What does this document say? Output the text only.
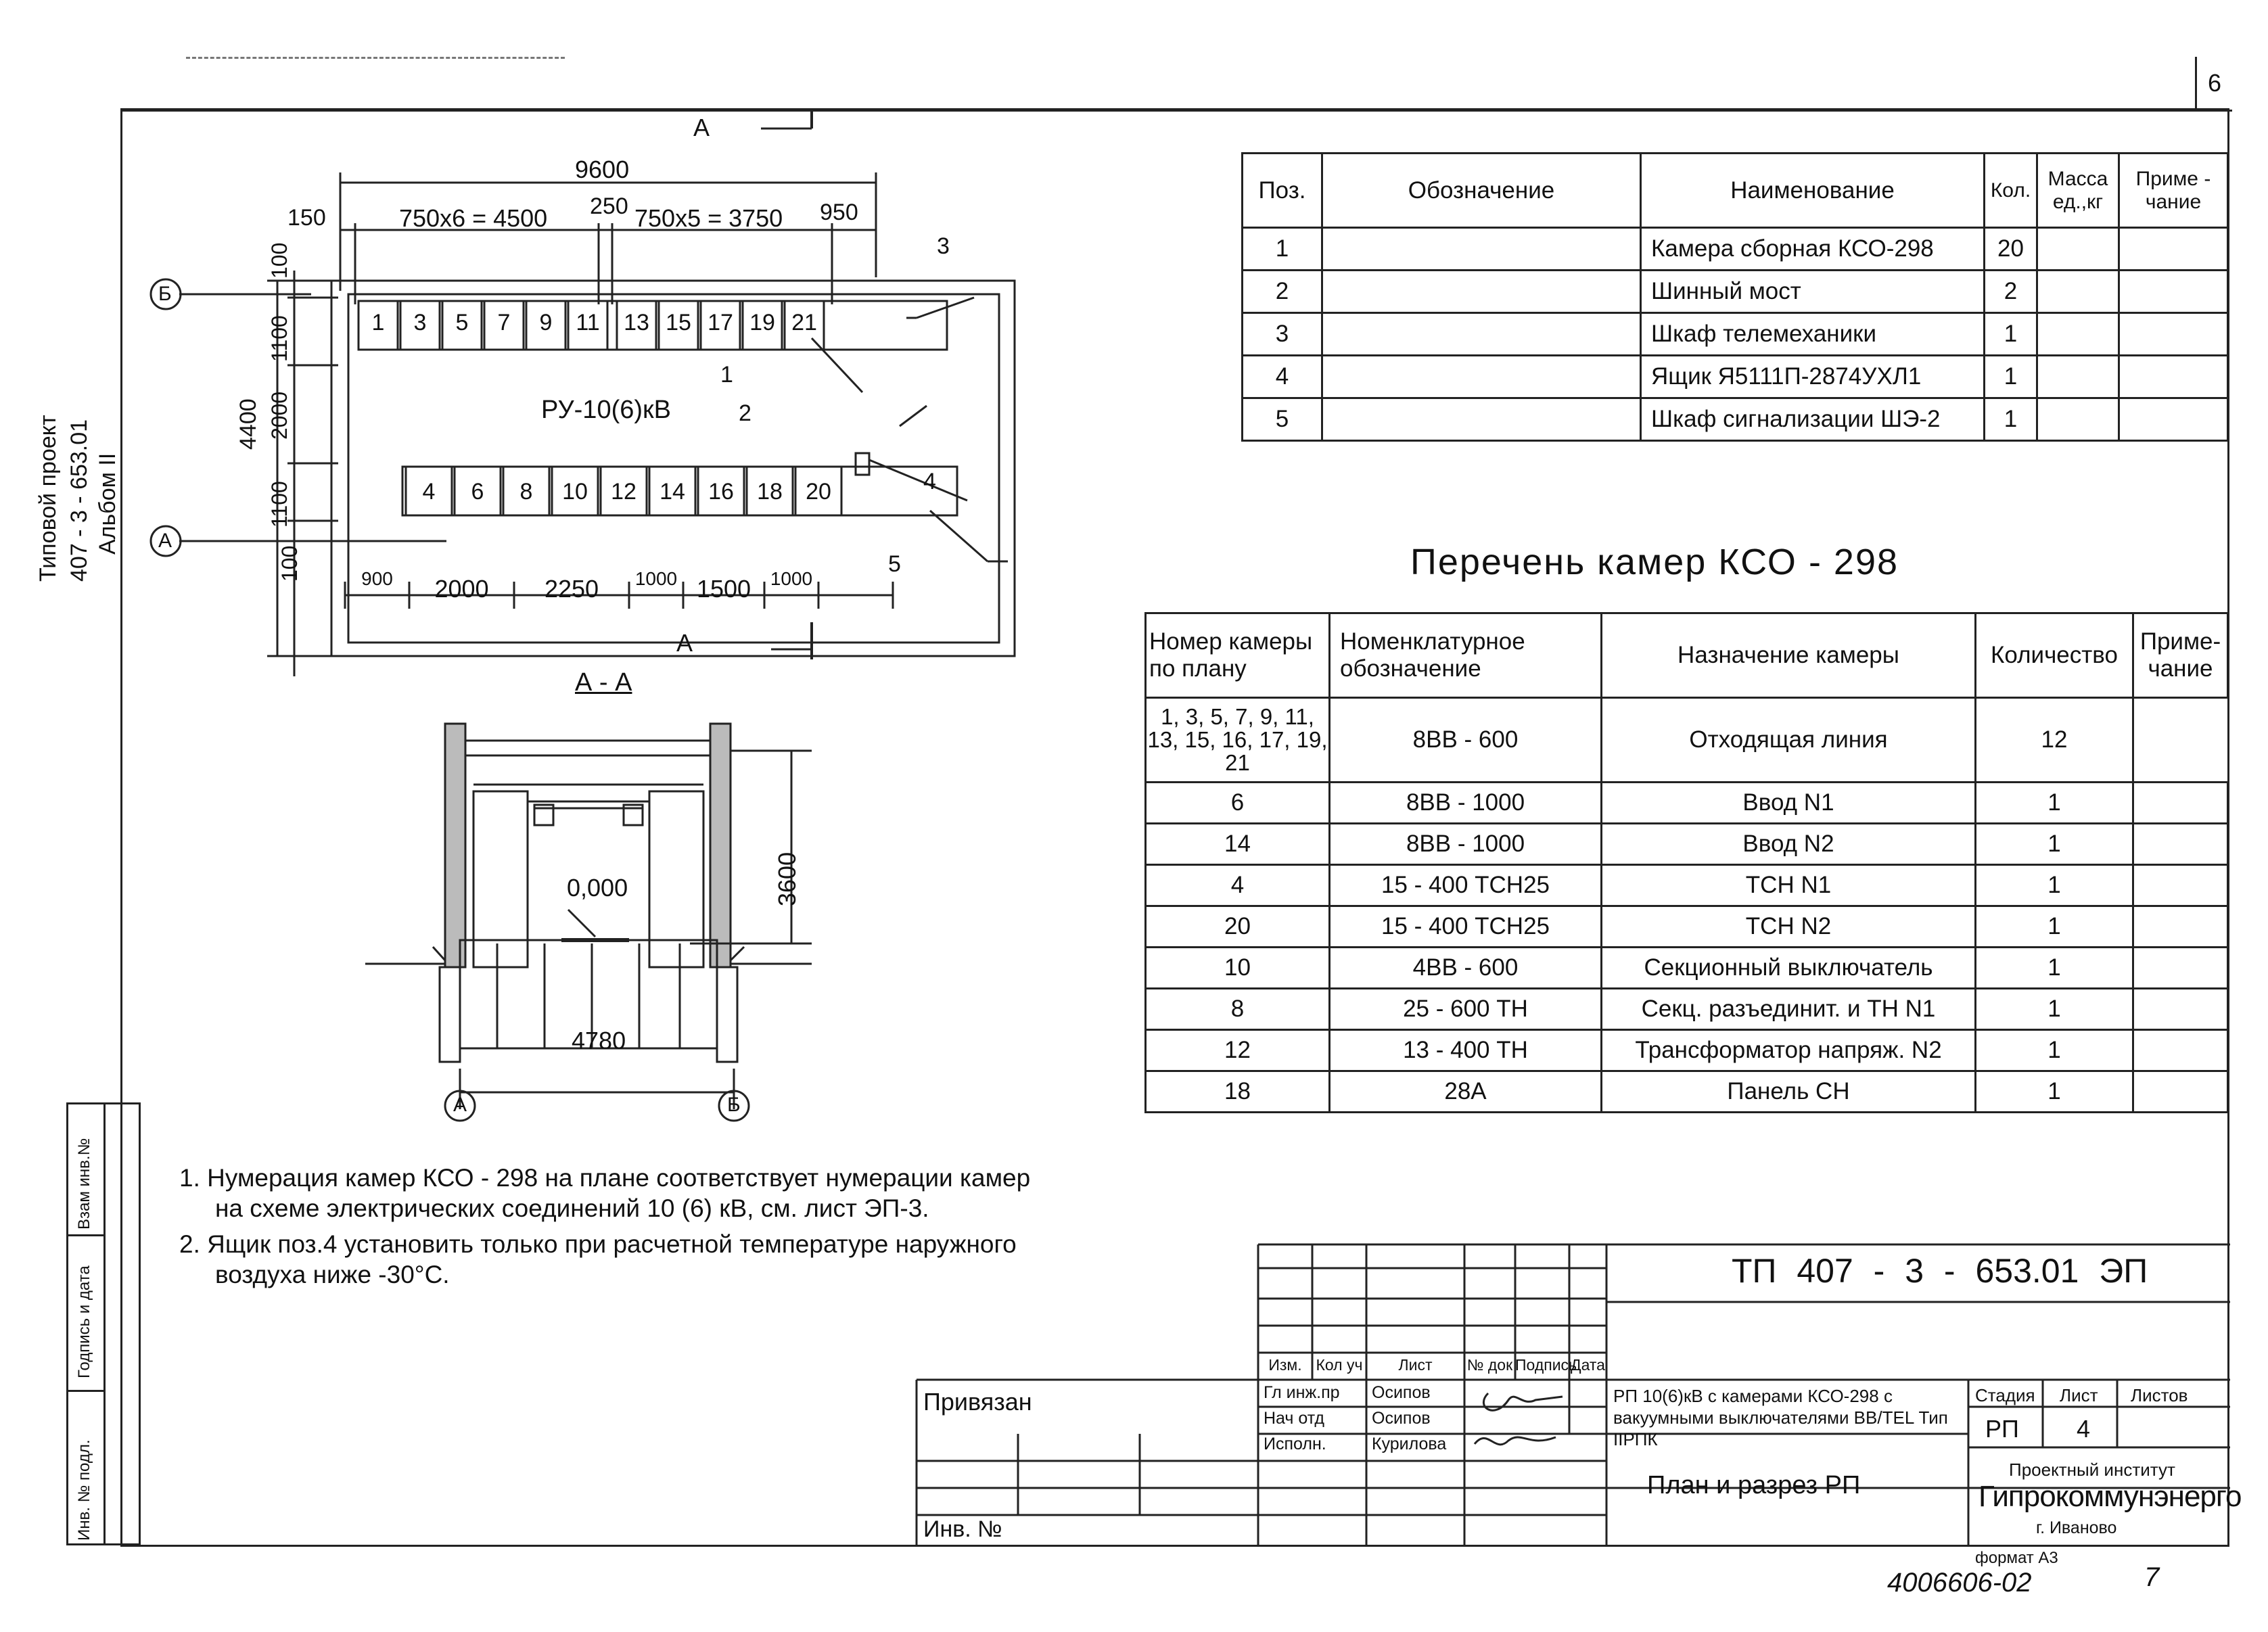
6
Типовой проект 407 - 3 - 653.01 Альбом II
Взам инв.№
Годпись и дата
Инв. № подл.
А
А
9600
150	750х6 = 4500 250 750х5 = 3750 950
100
1100
2000
1100
100
4400
Б
А
РУ-10(6)кВ
1
2
3
4
5
1	3	5	7	9	11	13 15 17 19 21
4	6	8	10	12	14	16	18	20
900	2000	2250	1000 1500	1000
А - А
0,000	3600
4780
А	Б
Поз.	Обозначение	Наименование	Кол.	Масса ед.,кг	Приме - чание
1		Камера сборная КСО-298	20		
2		Шинный мост	2		
3		Шкаф телемеханики	1		
4		Ящик Я5111П-2874УХЛ1	1		
5		Шкаф сигнализации ШЭ-2	1		
Перечень камер КСО - 298
Номер камеры по плану	Номенклатурное обозначение	Назначение камеры	Количество	Приме- чание
1, 3, 5, 7, 9, 11, 13, 15, 16, 17, 19, 21	8ВВ - 600	Отходящая линия	12	
6	8ВВ - 1000	Ввод N1	1	
14	8ВВ - 1000	Ввод N2	1	
4	15 - 400 ТСН25	ТСН N1	1	
20	15 - 400 ТСН25	ТСН N2	1	
10	4ВВ - 600	Секционный выключатель	1	
8	25 - 600 ТН	Секц. разъединит. и ТН N1	1	
12	13 - 400 ТН	Трансформатор напряж. N2	1	
18	28А	Панель СН	1	
1. Нумерация камер КСО - 298 на плане соответствует нумерации камер
на схеме электрических соединений 10 (6) кВ, см. лист ЭП-3.
2. Ящик поз.4 установить только при расчетной температуре наружного
воздуха ниже -30°С.	ТП 407 - 3 - 653.01 ЭП
Привязан
Инв. №
Изм. Кол уч	Лист	№ док Подпись
Дата
Гл инж.пр Осипов
Нач отд	Осипов
Исполн.	Курилова
РП 10(6)кВ с камерами КСО-298 с вакуумными выключателями ВВ/TEL Тип IIРПК
План и разрез РП
Стадия Лист Листов
РП 4
Проектный институт
Гипрокоммунэнерго
г. Иваново
формат А3
4006606-02	7
